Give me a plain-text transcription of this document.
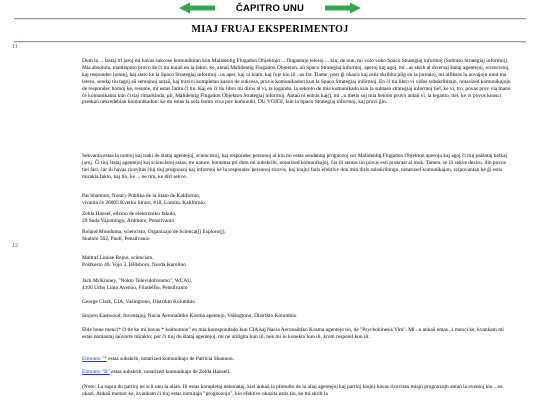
ČAPITRO UNU
MIAJ FRUAJ EKSPERIMENTOJ
11

Dum la ... lastaj tri jaroj mi havas sukcese komunikitan kun Malidentig Flugadon Objektojn ... flugantajn teleroj ... kiu, de nun, mi volo voko Spaco Strategiaj informoj (Subtaso Strategiaj informoj). Mia absoluta, maldisputo pruvo de ĉi tiu kuiaŭ en la fakto, ke, antaŭ Malidentig Flugadon Objekton, aŭ Spaco Strategiaj informoj, aperoj kaj agoj, mi ..as skrib al diversaj ŝtataj agentejoj, sciencistoj, kaj respondec homoj, kaj stato ke la Spaco Strategiaj informoj ..us aper, kaj ui kiam, kaj foje kio ili ..us far. Tiame, post ĝi okazis kaj estis skribita plig en la jurnaloj, mi alfikses la novajojn tond ma letero, sendaj tiu tagoj aŭ semajnoj antaŭ, kaj travivi kompletan kazon de sukcesa, pruvis komunikadon kun la Spaco Strategiaj informoj. En ĉi tiu libro vi vidos subskribitajn, notarized komunikajojn de respondec homoj ke, resume, mi estas farita ĉi tiu. Kaj en ĉi tiu libro mi diros al vi, la logando, la sekreto de mia komunikado kun la subtaso strategiaj informoj tiel, ke vi, tro, povas prov via mano ĉe komunikanta kun ĉi tiaj rimarkinda, pli, Malidentig Flugadon Objekton Strategiaj informoj. Antaŭ ni eniras kaj(), mi ..u metis suj mia betono pruvo antaŭ vi, la leganto, tiel, ke vi povos konsci preskaŭ nekredeblan komunikadon: ke mi estas la sola homo viva pov komuniki, DU VOJOJ, kun la Spaco Strategiaj informoj, kaj pruvi ĝin.

Sekvanta estas la nomoj kaj traki de ŝtataj agentejoj, sciencistoj, kaj respondec personoj al kiu mi estas sendantaj prognozoj sur Malidentig Flugadon Objekton aperojn kaj agoj ĉi tiuj paŝintaj kelkaj jaroj. Ĉi tiuj ŝtataj agentejoj kaj sciencistoj estas, tre nature, hontema pri dum mi subskribi, notarized komunikajoj, ĉar ili sentas iin povus esti prokrast al mok. Tamen, se ili sekve deziru, ilin povus tiel fari, ĉar ili havas ricevitas ĉiuj tiuj prognozoj kaj informoj ke la respondec personoj ricevis, kaj kiujn) faris efektive don min diris subskribitajn, notarized komunikajon, scipovantan ke ĝi estis mirakla fakto, kaj tio, ke ... ne tim, ke dirt sekve.

Pat Shannon, Notary Publika de la Stato de Kalifornio,

vivanta ĉe 26005 Kverko Strato, #18, Lomita, Kalifornio.

Zelda Hansel, edzino de elektroniko fakulo,

29 Suda Vajomingo, Ardmore, Pensilvanio

Roland Monduma, sciencisto, Organizajo de Scienca(j) Esploro(j),

Skatolo 562, Paoli, Pensilvanio

12

Maltraf Louise Rejno, sciencisto,

Poŝtkesto 46, Vojo 3, Hillsboro, Norda Karolino

Jack McKinney, "Nokto Televidoforumo", WCAU,

4100 Urbo Linio Avenuo, Filadelfio, Pensilvanio

George Clark, CIA, Vaŝingtono, Distrikto Kolumbio

Sinjoro Eastwood, Inventajoj, Nacia Aeronaŭtiko Kosma agentejo, Vaŝingtono, Distrikto Kolumbio

Eble bone menci* ĉi tie ke mi havas * kodnomon" en mia korespondado kun CIA kaj Nacia Aeronaŭtiko Kosma agentejo tio, de "Psychokinesis Vim". Mi ..u ankaŭ emas ..i menci ke, kvankam mi estas nomantaj laŭvorte miraklo; por ĉi tiuj du ŝtataj agentejoj, mi ne utiligita kun ili, nek mi iu konekto kun ili, krom respond kun ili.

Elmonto "* estas subskrib, notarized komunikajo de Patricia Shannon.

Elmonto "B" estas subskrib, notarized komunikajo de Zelda Hansell.

(Noto: La supra du partioj ne scii unu la alian. Ili estas kompletaj nekonataj, kiel ankaŭ la plimulto de la aliaj agentejoj kaj partioj kiujn) havas ricevitan miajn prognozojn antaŭ la eventoj kiu ...us okazi. Ankaŭ memor ke, kvankam ĉi tiuj estas nomitajn "prognozojn", kio efektive okazita estis tio, ke mi skrib la
